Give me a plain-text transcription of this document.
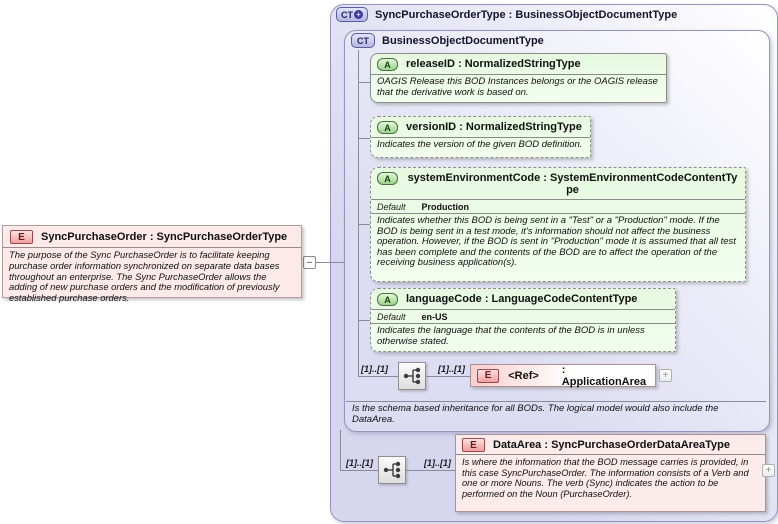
CT + SyncPurchaseOrderType : BusinessObjectDocumentType
CT	BusinessObjectDocumentType
Is the schema based inheritance for all BODs. The logical model would also include the DataArea.
−
A	releaseID : NormalizedStringType
OAGIS Release this BOD Instances belongs or the OAGIS release that the derivative work is based on.
A	versionID : NormalizedStringType
Indicates the version of the given BOD definition.
A	systemEnvironmentCode : SystemEnvironmentCodeContentType
Default Production
Indicates whether this BOD is being sent in a "Test" or a "Production" mode. If the BOD is being sent in a test mode, it's information should not affect the business operation. However, if the BOD is sent in "Production" mode it is assumed that all test has been complete and the contents of the BOD are to affect the operation of the receiving business application(s).
A	languageCode : LanguageCodeContentType
Default en-US
Indicates the language that the contents of the BOD is in unless otherwise stated.
[1]..[1]	[1]..[1]
E	<Ref> : ApplicationArea
+
[1]..[1]	[1]..[1]
E	DataArea : SyncPurchaseOrderDataAreaType
Is where the information that the BOD message carries is provided, in this case SyncPurchaseOrder. The information consists of a Verb and one or more Nouns. The verb (Sync) indicates the action to be performed on the Noun (PurchaseOrder).
+
E	SyncPurchaseOrder : SyncPurchaseOrderType
The purpose of the Sync PurchaseOrder is to facilitate keeping purchase order information synchronized on separate data bases throughout an enterprise. The Sync PurchaseOrder allows the adding of new purchase orders and the modification of previously established purchase orders.
